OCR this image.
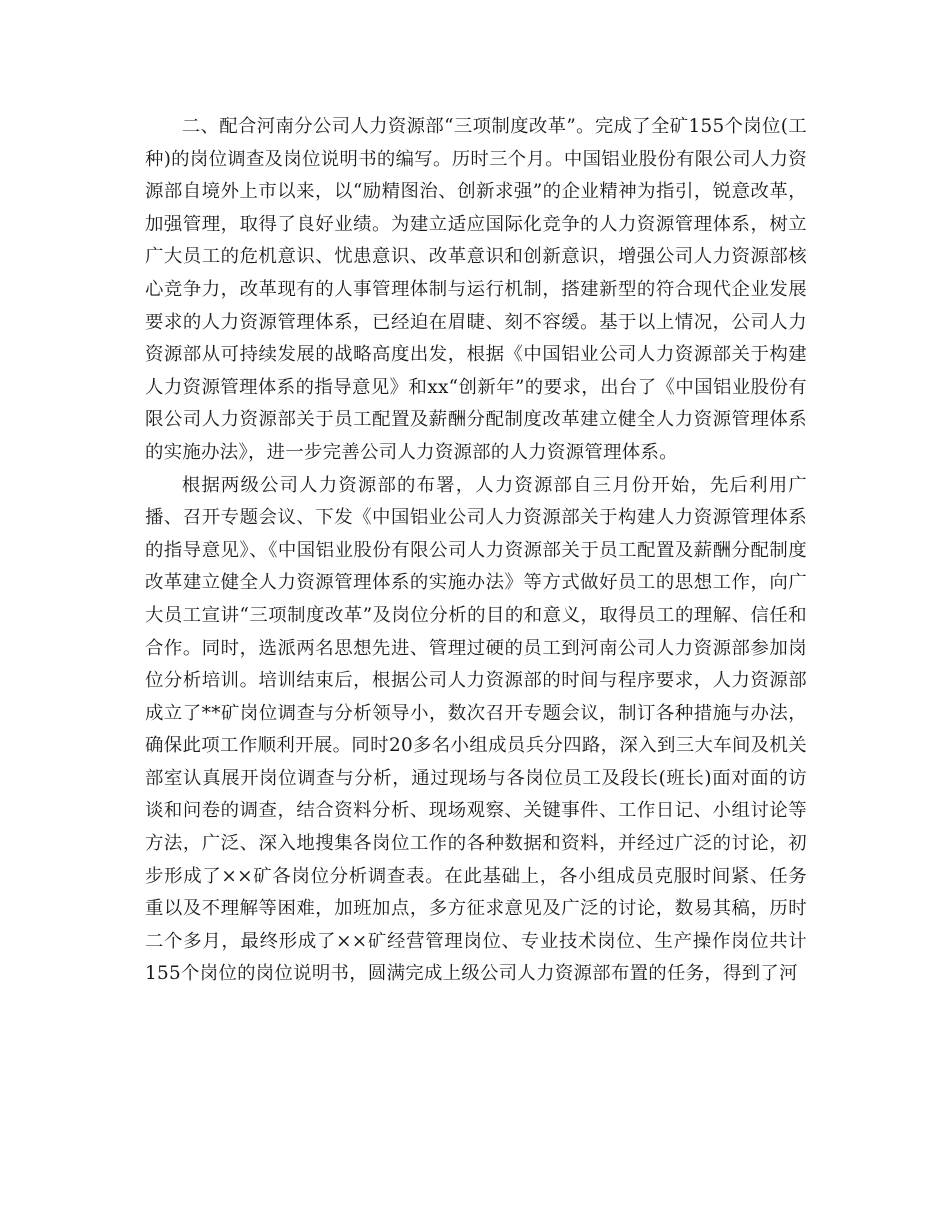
二、配合河南分公司人力资源部“三项制度改革”。完成了全矿155个岗位(工种)的岗位调查及岗位说明书的编写。历时三个月。中国铝业股份有限公司人力资源部自境外上市以来，以“励精图治、创新求强”的企业精神为指引，锐意改革，加强管理，取得了良好业绩。为建立适应国际化竞争的人力资源管理体系，树立广大员工的危机意识、忧患意识、改革意识和创新意识，增强公司人力资源部核心竞争力，改革现有的人事管理体制与运行机制，搭建新型的符合现代企业发展要求的人力资源管理体系，已经迫在眉睫、刻不容缓。基于以上情况，公司人力资源部从可持续发展的战略高度出发，根据《中国铝业公司人力资源部关于构建人力资源管理体系的指导意见》和xx“创新年”的要求，出台了《中国铝业股份有限公司人力资源部关于员工配置及薪酬分配制度改革建立健全人力资源管理体系的实施办法》，进一步完善公司人力资源部的人力资源管理体系。

根据两级公司人力资源部的布署，人力资源部自三月份开始，先后利用广播、召开专题会议、下发《中国铝业公司人力资源部关于构建人力资源管理体系的指导意见》、《中国铝业股份有限公司人力资源部关于员工配置及薪酬分配制度改革建立健全人力资源管理体系的实施办法》等方式做好员工的思想工作，向广大员工宣讲“三项制度改革”及岗位分析的目的和意义，取得员工的理解、信任和合作。同时，选派两名思想先进、管理过硬的员工到河南公司人力资源部参加岗位分析培训。培训结束后，根据公司人力资源部的时间与程序要求，人力资源部成立了**矿岗位调查与分析领导小，数次召开专题会议，制订各种措施与办法，确保此项工作顺利开展。同时20多名小组成员兵分四路，深入到三大车间及机关部室认真展开岗位调查与分析，通过现场与各岗位员工及段长(班长)面对面的访谈和问卷的调查，结合资料分析、现场观察、关键事件、工作日记、小组讨论等方法，广泛、深入地搜集各岗位工作的各种数据和资料，并经过广泛的讨论，初步形成了××矿各岗位分析调查表。在此基础上，各小组成员克服时间紧、任务重以及不理解等困难，加班加点，多方征求意见及广泛的讨论，数易其稿，历时二个多月，最终形成了××矿经营管理岗位、专业技术岗位、生产操作岗位共计155个岗位的岗位说明书，圆满完成上级公司人力资源部布置的任务，得到了河
